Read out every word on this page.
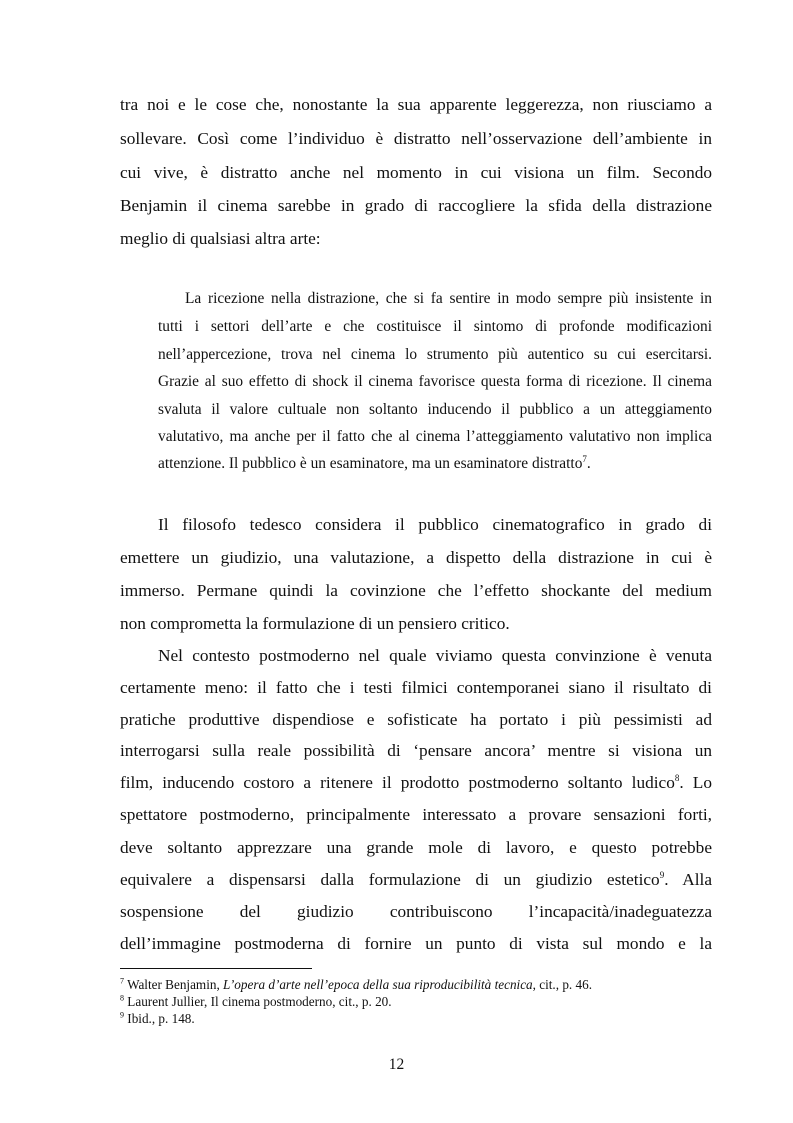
tra noi e le cose che, nonostante la sua apparente leggerezza, non riusciamo a
sollevare. Così come l’individuo è distratto nell’osservazione dell’ambiente in
cui vive, è distratto anche nel momento in cui visiona un film. Secondo
Benjamin il cinema sarebbe in grado di raccogliere la sfida della distrazione
meglio di qualsiasi altra arte:
La ricezione nella distrazione, che si fa sentire in modo sempre più insistente in
tutti i settori dell’arte e che costituisce il sintomo di profonde modificazioni
nell’appercezione, trova nel cinema lo strumento più autentico su cui esercitarsi.
Grazie al suo effetto di shock il cinema favorisce questa forma di ricezione. Il cinema
svaluta il valore cultuale non soltanto inducendo il pubblico a un atteggiamento
valutativo, ma anche per il fatto che al cinema l’atteggiamento valutativo non implica
attenzione. Il pubblico è un esaminatore, ma un esaminatore distratto$^7$.
Il filosofo tedesco considera il pubblico cinematografico in grado di
emettere un giudizio, una valutazione, a dispetto della distrazione in cui è
immerso. Permane quindi la covinzione che l’effetto shockante del medium
non comprometta la formulazione di un pensiero critico.
Nel contesto postmoderno nel quale viviamo questa convinzione è venuta
certamente meno: il fatto che i testi filmici contemporanei siano il risultato di
pratiche produttive dispendiose e sofisticate ha portato i più pessimisti ad
interrogarsi sulla reale possibilità di ‘pensare ancora’ mentre si visiona un
film, inducendo costoro a ritenere il prodotto postmoderno soltanto ludico$^8$. Lo
spettatore postmoderno, principalmente interessato a provare sensazioni forti,
deve soltanto apprezzare una grande mole di lavoro, e questo potrebbe
equivalere a dispensarsi dalla formulazione di un giudizio estetico$^9$. Alla
sospensione del giudizio contribuiscono l’incapacità/inadeguatezza
dell’immagine postmoderna di fornire un punto di vista sul mondo e la
$^7$ Walter Benjamin, L’opera d’arte nell’epoca della sua riproducibilità tecnica, cit., p. 46.
$^8$ Laurent Jullier, Il cinema postmoderno, cit., p. 20.
$^9$ Ibid., p. 148.
12
